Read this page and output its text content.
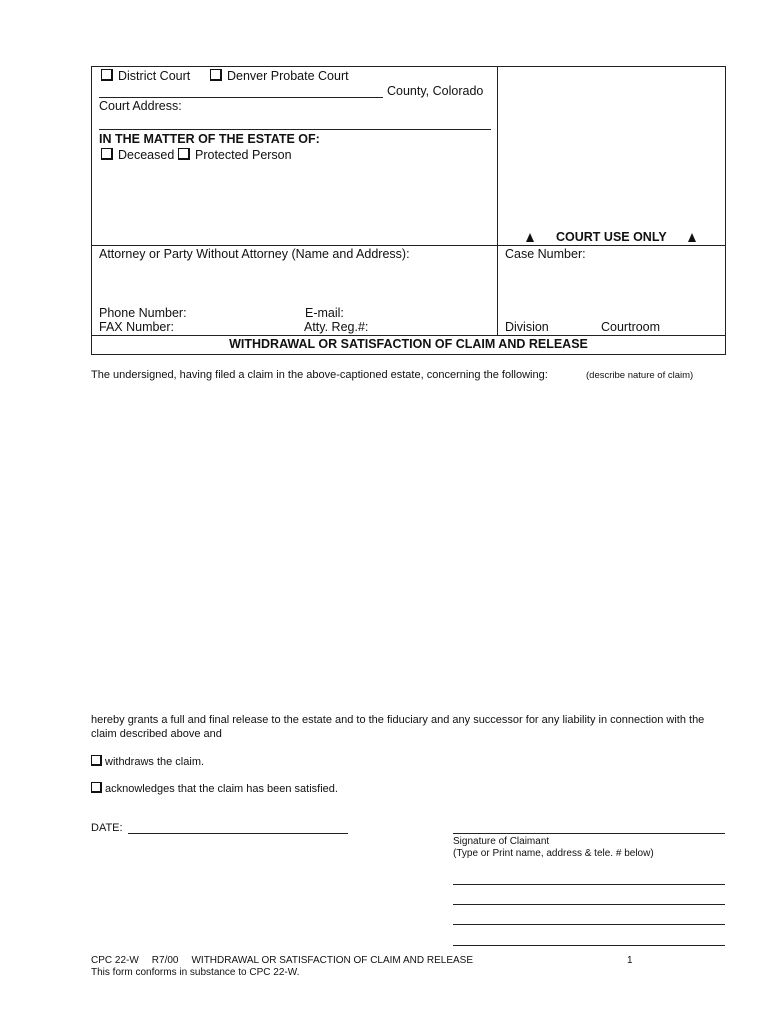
District Court	Denver Probate Court
County, Colorado
Court Address:
IN THE MATTER OF THE ESTATE OF:
Deceased	Protected Person
COURT USE ONLY
Attorney or Party Without Attorney (Name and Address):	Case Number:
Phone Number:	E-mail:
FAX Number:	Atty. Reg.#:	Division	Courtroom
WITHDRAWAL OR SATISFACTION OF CLAIM AND RELEASE
The undersigned, having filed a claim in the above-captioned estate, concerning the following:	(describe nature of claim)
hereby grants a full and final release to the estate and to the fiduciary and any successor for any liability in connection with the
claim described above and
withdraws the claim.
acknowledges that the claim has been satisfied.
DATE:
Signature of Claimant
(Type or Print name, address & tele. # below)
CPC 22-W R7/00 WITHDRAWAL OR SATISFACTION OF CLAIM AND RELEASE	1
This form conforms in substance to CPC 22-W.
